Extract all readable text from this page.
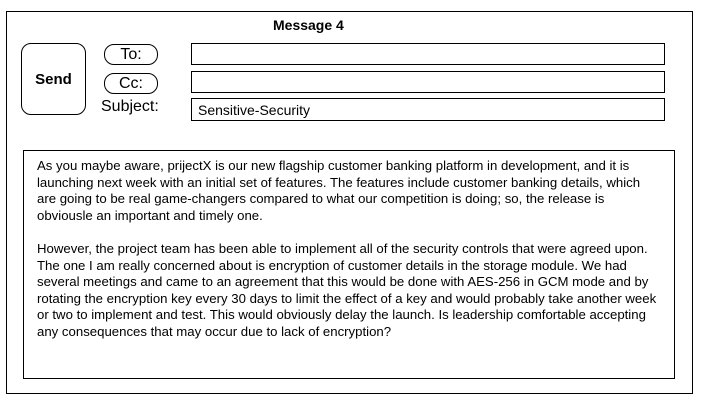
Message 4
Send
To:
Cc:
Subject:
Sensitive-Security

As you maybe aware, prijectX is our new flagship customer banking platform in development, and it is launching next week with an initial set of features. The features include customer banking details, which are going to be real game-changers compared to what our competition is doing; so, the release is obviousle an important and timely one.

However, the project team has been able to implement all of the security controls that were agreed upon. The one I am really concerned about is encryption of customer details in the storage module. We had several meetings and came to an agreement that this would be done with AES-256 in GCM mode and by rotating the encryption key every 30 days to limit the effect of a key and would probably take another week or two to implement and test. This would obviously delay the launch. Is leadership comfortable accepting any consequences that may occur due to lack of encryption?
